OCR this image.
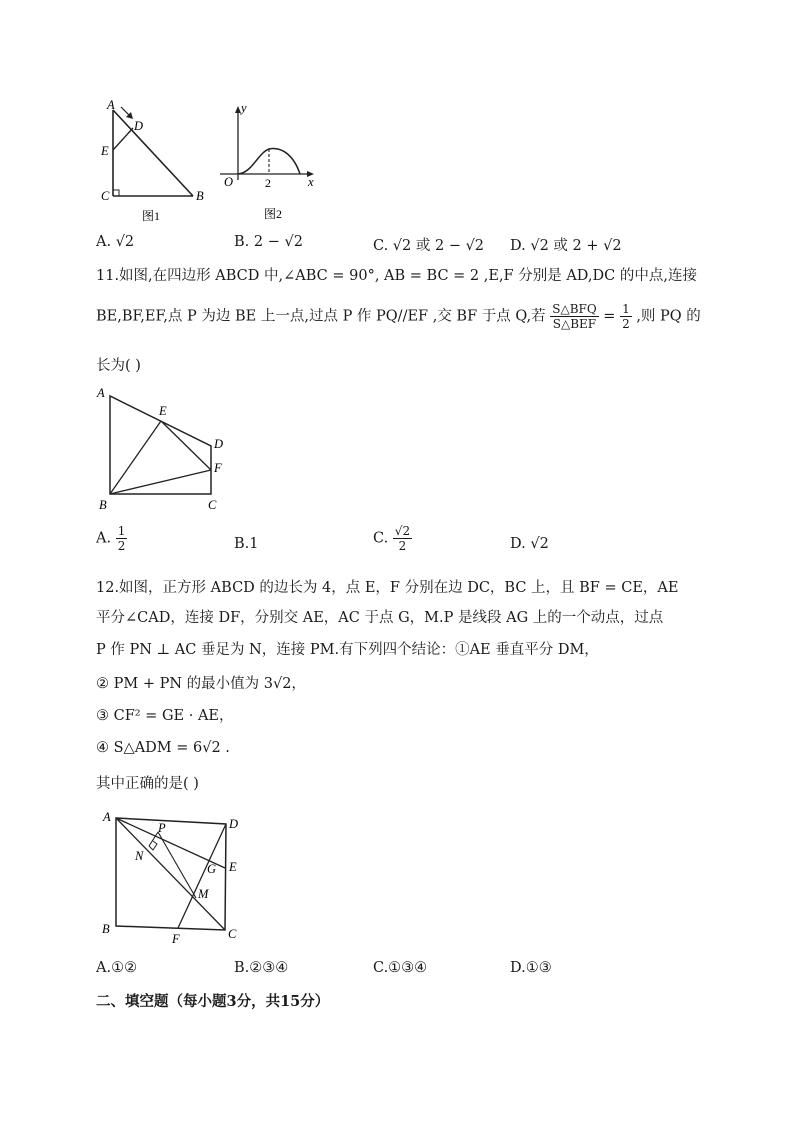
A
D
E
C	B
图1
y
O	2	x
图2
A. √2	B. 2 − √2	C. √2 或 2 − √2 D. √2 或 2 + √2
11.如图,在四边形 ABCD 中,∠ABC = 90°, AB = BC = 2 ,E,F 分别是 AD,DC 的中点,连接
BE,BF,EF,点 P 为边 BE 上一点,过点 P 作 PQ//EF ,交 BF 于点 Q,若 $\frac{\text{S△BFQ}}{\text{S△BEF}} = \frac{1}{2}$ ,则 PQ 的
长为( )
A
E
D
F
B	C
A. $\frac{1}{2}$	B.1	C. $\frac{√2}{2}$	D. √2
12.如图，正方形 ABCD 的边长为 4，点 E，F 分别在边 DC，BC 上，且 BF = CE，AE
平分∠CAD，连接 DF，分别交 AE，AC 于点 G，M.P 是线段 AG 上的一个动点，过点
P 作 PN ⊥ AC 垂足为 N，连接 PM.有下列四个结论：①AE 垂直平分 DM，
② PM + PN 的最小值为 3√2，
③ CF² = GE · AE，
④ S△ADM = 6√2 .
其中正确的是( )
A
P	D
N
G E
M
B
F	C
A.①②	B.②③④	C.①③④	D.①③
二、填空题（每小题3分，共15分）
